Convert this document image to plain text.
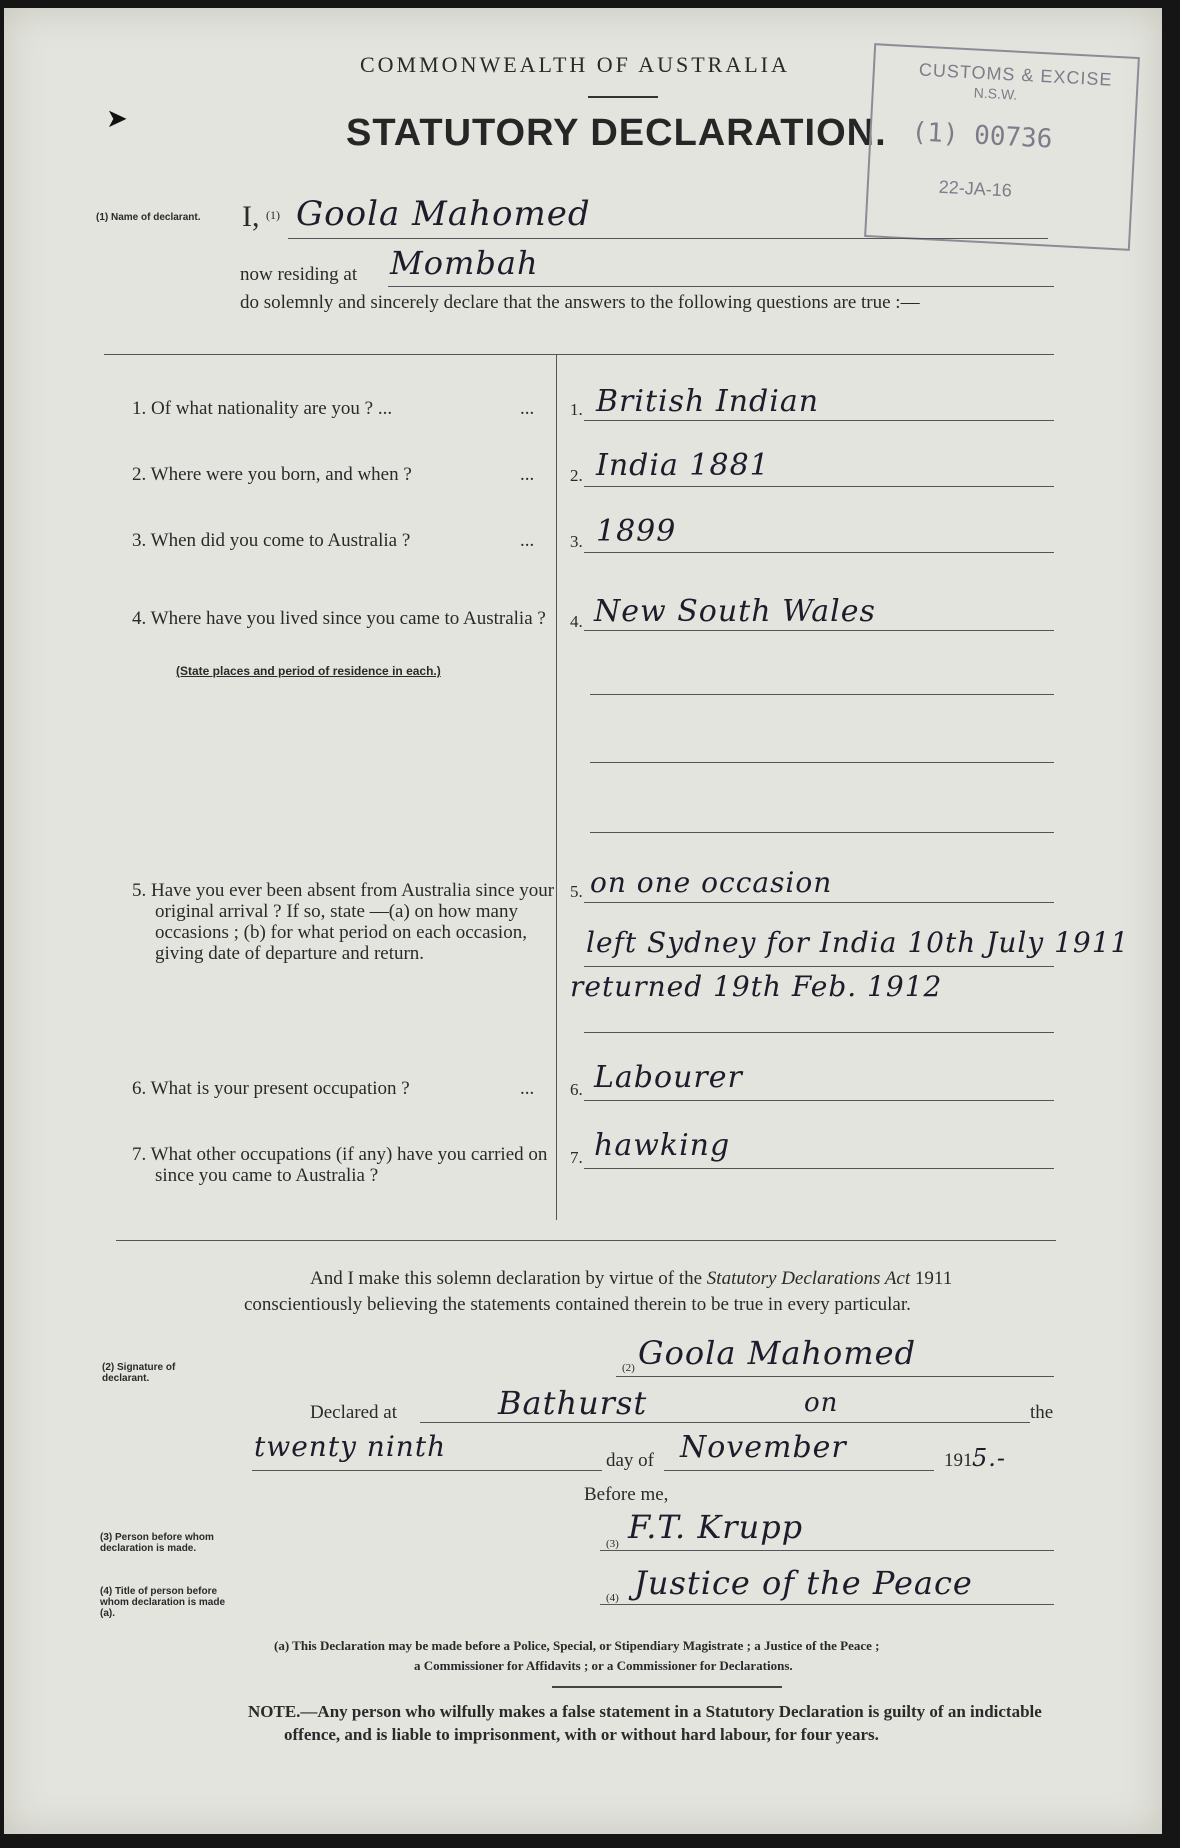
COMMONWEALTH OF AUSTRALIA
STATUTORY DECLARATION.
➤
CUSTOMS & EXCISE
N.S.W.
(1) 00736
22-JA-16
(1) Name of declarant. I, (1) Goola Mahomed
now residing at Mombah
do solemnly and sincerely declare that the answers to the following questions are true :—
1. Of what nationality are you ? ...	... 1. British Indian
2. Where were you born, and when ?	... 2. India 1881
3. When did you come to Australia ?	... 3. 1899
4. Where have you lived since you came to Australia ?
(State places and period of residence in each.)
4. New South Wales
5. Have you ever been absent from Australia since your original arrival ? If so, state —(a) on how many occasions ; (b) for what period on each occasion, giving date of departure and return.
5. on one occasion
left Sydney for India 10th July 1911
returned 19th Feb. 1912
6. What is your present occupation ?	... 6. Labourer
7. What other occupations (if any) have you carried on since you came to Australia ?
7. hawking
And I make this solemn declaration by virtue of the Statutory Declarations Act 1911 conscientiously believing the statements contained therein to be true in every particular.
(2) Signature of declarant.
(2) Goola Mahomed
Declared at	Bathurst	on	the
twenty ninth	day of November	191 5.-
Before me,
(3) Person before whom declaration is made.	(3) F.T. Krupp
(4) Title of person before whom declaration is made (a).
(4) Justice of the Peace
(a) This Declaration may be made before a Police, Special, or Stipendiary Magistrate ; a Justice of the Peace ;
a Commissioner for Affidavits ; or a Commissioner for Declarations.
NOTE.—Any person who wilfully makes a false statement in a Statutory Declaration is guilty of an indictable offence, and is liable to imprisonment, with or without hard labour, for four years.
